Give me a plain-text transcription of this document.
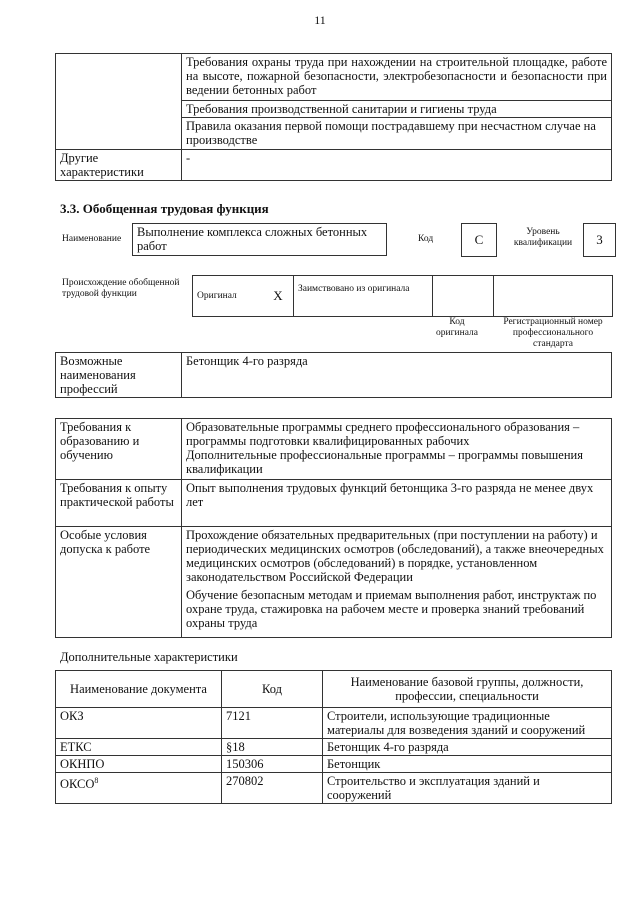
11
	Требования охраны труда при нахождении на строительной площадке, работе на высоте, пожарной безопасности, электробезопасности и безопасности при ведении бетонных работ
	Требования производственной санитарии и гигиены труда
	Правила оказания первой помощи пострадавшему при несчастном случае на производстве
Другие характеристики	-
3.3. Обобщенная трудовая функция
Наименование	Выполнение комплекса сложных бетонных работ	Код	C	Уровень квалификации	3
Происхождение обобщенной трудовой функции	Оригинал	X	Заимствовано из оригинала		
Код оригинала
Регистрационный номер профессионального стандарта
Возможные наименования профессий	Бетонщик 4-го разряда
Требования к образованию и обучению	Образовательные программы среднего профессионального образования – программы подготовки квалифицированных рабочих
Дополнительные профессиональные программы – программы повышения квалификации

Требования к опыту практической работы	Опыт выполнения трудовых функций бетонщика 3-го разряда не менее двух лет
Особые условия допуска к работе	Прохождение обязательных предварительных (при поступлении на работу) и периодических медицинских осмотров (обследований), а также внеочередных медицинских осмотров (обследований) в порядке, установленном законодательством Российской Федерации
Обучение безопасным методам и приемам выполнения работ, инструктаж по охране труда, стажировка на рабочем месте и проверка знаний требований охраны труда
Дополнительные характеристики
Наименование документа	Код	Наименование базовой группы, должности, профессии, специальности
ОКЗ	7121	Строители, использующие традиционные материалы для возведения зданий и сооружений
ЕТКС	§18	Бетонщик 4-го разряда
ОКНПО	150306	Бетонщик
ОКСО$^8$	270802	Строительство и эксплуатация зданий и сооружений
